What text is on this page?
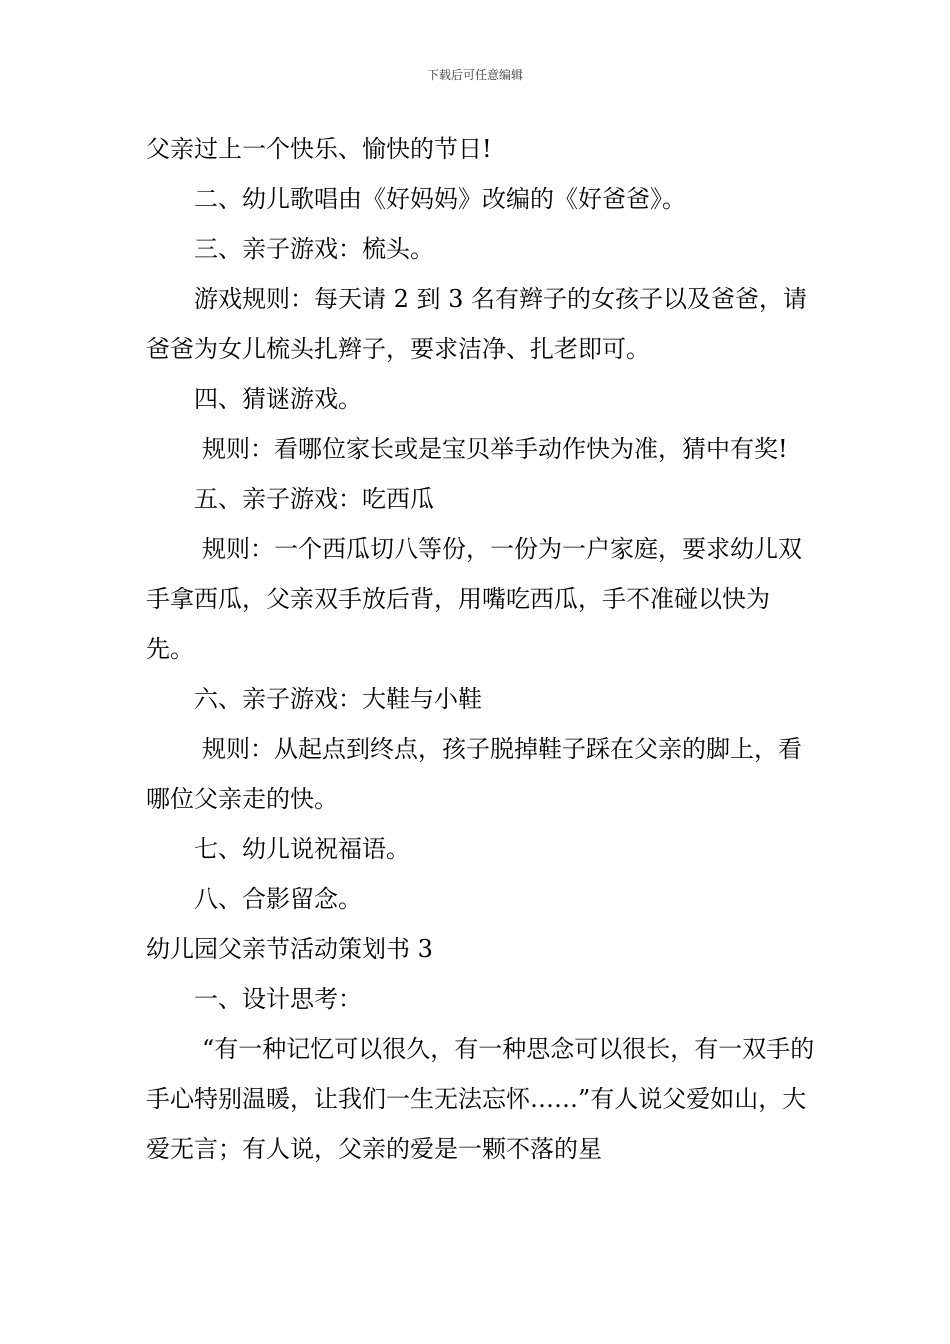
下载后可任意编辑

父亲过上一个快乐、愉快的节日!

二、幼儿歌唱由《好妈妈》改编的《好爸爸》。

三、亲子游戏：梳头。

游戏规则：每天请 2 到 3 名有辫子的女孩子以及爸爸，请爸爸为女儿梳头扎辫子，要求洁净、扎老即可。

四、猜谜游戏。

规则：看哪位家长或是宝贝举手动作快为准，猜中有奖!

五、亲子游戏：吃西瓜

规则：一个西瓜切八等份，一份为一户家庭，要求幼儿双手拿西瓜，父亲双手放后背，用嘴吃西瓜，手不准碰以快为先。

六、亲子游戏：大鞋与小鞋

规则：从起点到终点，孩子脱掉鞋子踩在父亲的脚上，看哪位父亲走的快。

七、幼儿说祝福语。

八、合影留念。

幼儿园父亲节活动策划书 3

一、设计思考：

“有一种记忆可以很久，有一种思念可以很长，有一双手的手心特别温暖，让我们一生无法忘怀……”有人说父爱如山，大爱无言；有人说，父亲的爱是一颗不落的星
